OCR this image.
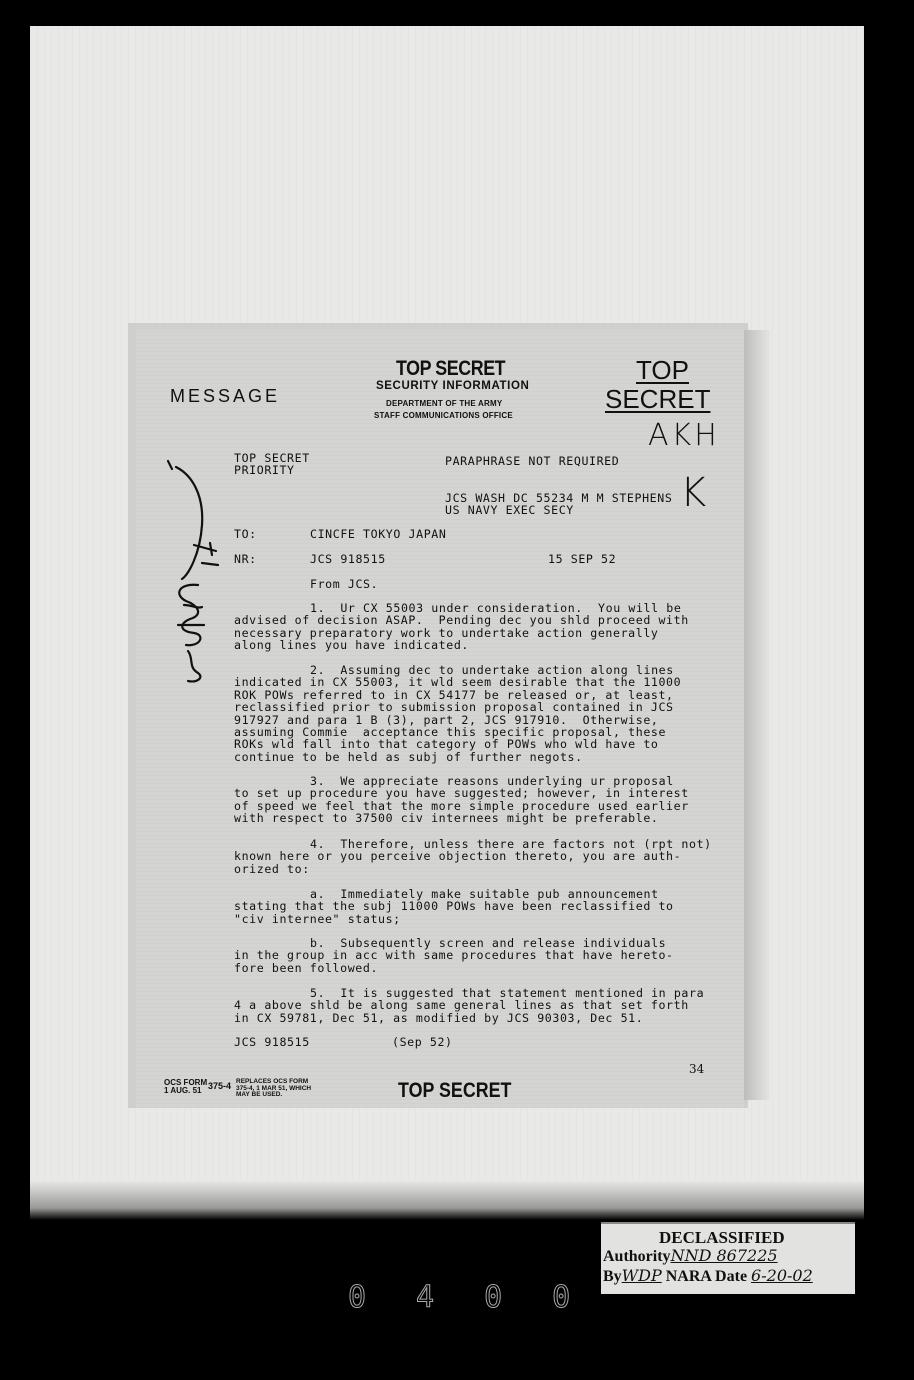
MESSAGE
TOP SECRET
SECURITY INFORMATION
DEPARTMENT OF THE ARMY
STAFF COMMUNICATIONS OFFICE
TOP
SECRET
AKH
K
TOP SECRET
PRIORITY
PARAPHRASE NOT REQUIRED
JCS WASH DC 55234 M M STEPHENS
US NAVY EXEC SECY
TO:	CINCFE TOKYO JAPAN
NR:	JCS 918515	15 SEP 52
From JCS.
1.  Ur CX 55003 under consideration.  You will be
advised of decision ASAP.  Pending dec you shld proceed with
necessary preparatory work to undertake action generally
along lines you have indicated.
2.  Assuming dec to undertake action along lines
indicated in CX 55003, it wld seem desirable that the 11000
ROK POWs referred to in CX 54177 be released or, at least,
reclassified prior to submission proposal contained in JCS
917927 and para 1 B (3), part 2, JCS 917910.  Otherwise,
assuming Commie  acceptance this specific proposal, these
ROKs wld fall into that category of POWs who wld have to
continue to be held as subj of further negots.
3.  We appreciate reasons underlying ur proposal
to set up procedure you have suggested; however, in interest
of speed we feel that the more simple procedure used earlier
with respect to 37500 civ internees might be preferable.
4.  Therefore, unless there are factors not (rpt not)
known here or you perceive objection thereto, you are auth-
orized to:
a.  Immediately make suitable pub announcement
stating that the subj 11000 POWs have been reclassified to
"civ internee" status;
b.  Subsequently screen and release individuals
in the group in acc with same procedures that have hereto-
fore been followed.
5.  It is suggested that statement mentioned in para
4 a above shld be along same general lines as that set forth
in CX 59781, Dec 51, as modified by JCS 90303, Dec 51.
JCS 918515	(Sep 52)
34
OCS FORM
1 AUG. 51 375-4 REPLACES OCS FORM
375-4, 1 MAR 51, WHICH
MAY BE USED.	TOP SECRET
DECLASSIFIED
AuthorityNND 867225
ByWDP NARA Date 6-20-02
0400
